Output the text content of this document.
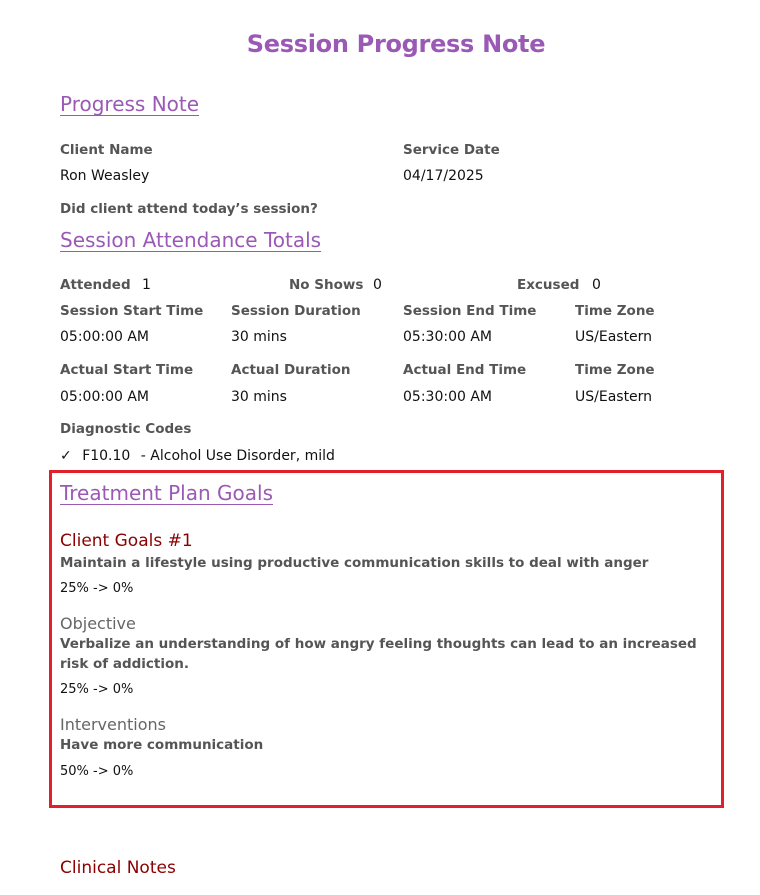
Session Progress Note
Progress Note
Client Name
Ron Weasley
Service Date
04/17/2025
Did client attend today’s session?
Session Attendance Totals
Attended 1	No Shows 0	Excused 0
Session Start Time
05:00:00 AM
Session Duration
30 mins
Session End Time
05:30:00 AM
Time Zone
US/Eastern
Actual Start Time
05:00:00 AM
Actual Duration
30 mins
Actual End Time
05:30:00 AM
Time Zone
US/Eastern
Diagnostic Codes
✓ F10.10 - Alcohol Use Disorder, mild
Treatment Plan Goals
Client Goals #1
Maintain a lifestyle using productive communication skills to deal with anger
25% -> 0%
Objective
Verbalize an understanding of how angry feeling thoughts can lead to an increased risk of addiction.
25% -> 0%
Interventions
Have more communication
50% -> 0%
Clinical Notes
